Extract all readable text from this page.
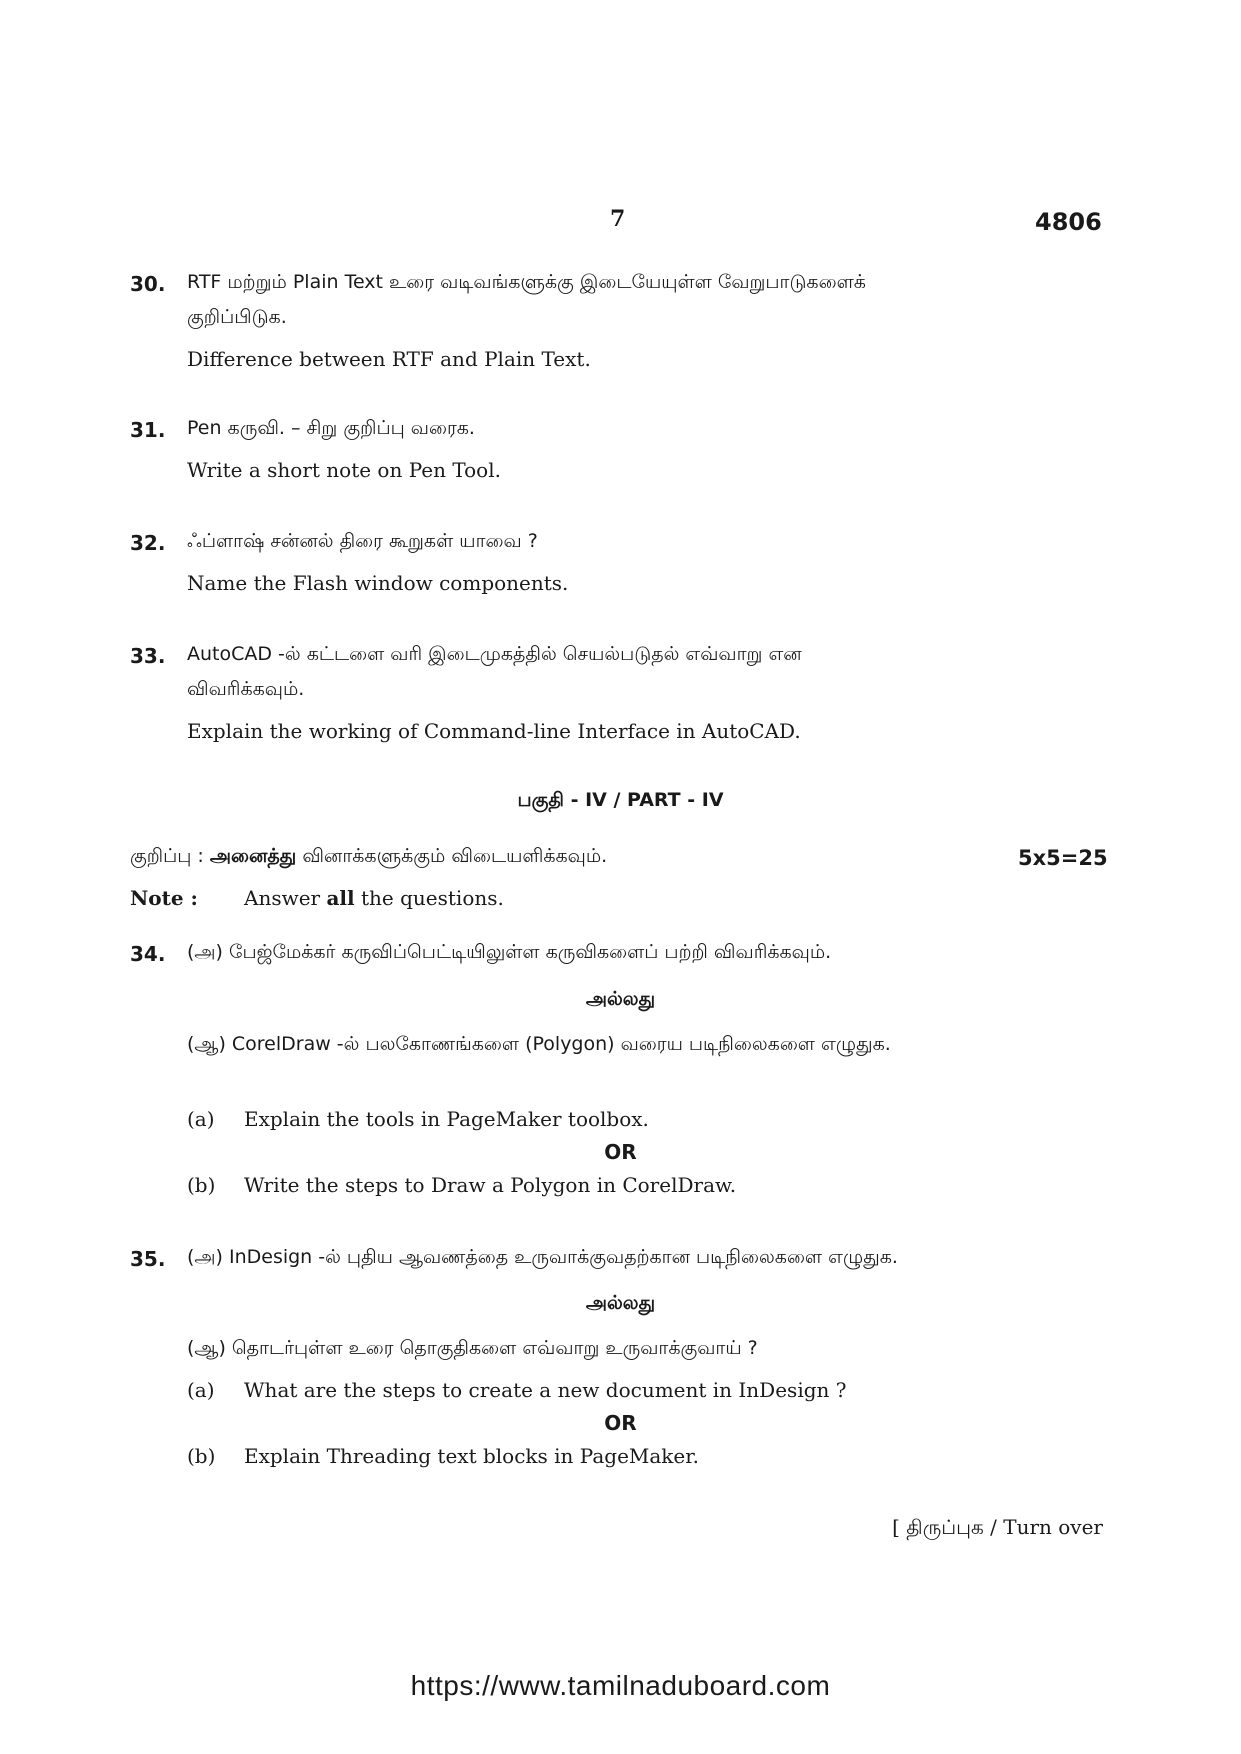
7	4806
30. RTF மற்றும் Plain Text உரை வடிவங்களுக்கு இடையேயுள்ள வேறுபாடுகளைக்
குறிப்பிடுக.
Difference between RTF and Plain Text.
31. Pen கருவி. – சிறு குறிப்பு வரைக.
Write a short note on Pen Tool.
32. ஃப்ளாஷ் சன்னல் திரை கூறுகள் யாவை ?
Name the Flash window components.
33. AutoCAD -ல் கட்டளை வரி இடைமுகத்தில் செயல்படுதல் எவ்வாறு என
விவரிக்கவும்.
Explain the working of Command-line Interface in AutoCAD.
பகுதி - IV / PART - IV
குறிப்பு : அனைத்து வினாக்களுக்கும் விடையளிக்கவும்.	5x5=25
Note : Answer all the questions.
34. (அ) பேஜ்மேக்கர் கருவிப்பெட்டியிலுள்ள கருவிகளைப் பற்றி விவரிக்கவும்.
அல்லது
(ஆ) CorelDraw -ல் பலகோணங்களை (Polygon) வரைய படிநிலைகளை எழுதுக.
(a) Explain the tools in PageMaker toolbox.
OR
(b) Write the steps to Draw a Polygon in CorelDraw.
35. (அ) InDesign -ல் புதிய ஆவணத்தை உருவாக்குவதற்கான படிநிலைகளை எழுதுக.
அல்லது
(ஆ) தொடர்புள்ள உரை தொகுதிகளை எவ்வாறு உருவாக்குவாய் ?
(a) What are the steps to create a new document in InDesign ?
OR
(b) Explain Threading text blocks in PageMaker.
[ திருப்புக / Turn over
https://www.tamilnaduboard.com
